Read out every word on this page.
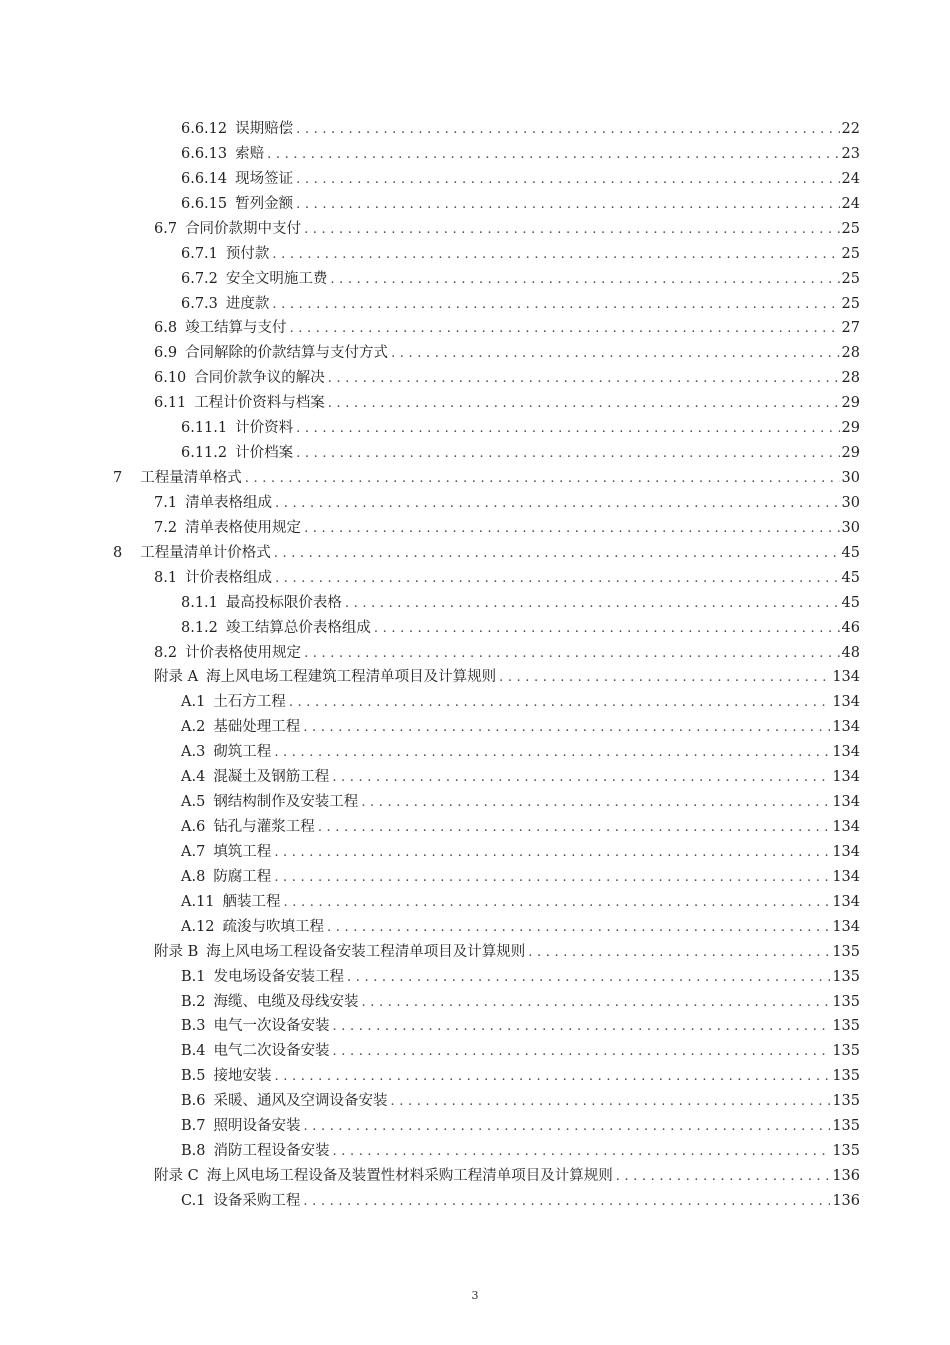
6.6.12 误期赔偿 .....	22
6.6.13 索赔 .....	23
6.6.14 现场签证 .....	24
6.6.15 暂列金额 .....	24
6.7 合同价款期中支付 .....	25
6.7.1 预付款 .....	25
6.7.2 安全文明施工费 .....	25
6.7.3 进度款 .....	25
6.8 竣工结算与支付 .....	27
6.9 合同解除的价款结算与支付方式 .....	28
6.10 合同价款争议的解决 .....	28
6.11 工程计价资料与档案 .....	29
6.11.1 计价资料 .....	29
6.11.2 计价档案 .....	29
7 工程量清单格式 .....	30
7.1 清单表格组成 .....	30
7.2 清单表格使用规定 .....	30
8 工程量清单计价格式 .....	45
8.1 计价表格组成 .....	45
8.1.1 最高投标限价表格 .....	45
8.1.2 竣工结算总价表格组成 .....	46
8.2 计价表格使用规定 .....	48
附录 A 海上风电场工程建筑工程清单项目及计算规则 .....	134
A.1 土石方工程 .....	134
A.2 基础处理工程 .....	134
A.3 砌筑工程 .....	134
A.4 混凝土及钢筋工程 .....	134
A.5 钢结构制作及安装工程 .....	134
A.6 钻孔与灌浆工程 .....	134
A.7 填筑工程 .....	134
A.8 防腐工程 .....	134
A.11 舾装工程 .....	134
A.12 疏浚与吹填工程 .....	134
附录 B 海上风电场工程设备安装工程清单项目及计算规则 .....	135
B.1 发电场设备安装工程 .....	135
B.2 海缆、电缆及母线安装 .....	135
B.3 电气一次设备安装 .....	135
B.4 电气二次设备安装 .....	135
B.5 接地安装 .....	135
B.6 采暖、通风及空调设备安装 .....	135
B.7 照明设备安装 .....	135
B.8 消防工程设备安装 .....	135
附录 C 海上风电场工程设备及装置性材料采购工程清单项目及计算规则 .....	136
C.1 设备采购工程 .....	136
3
